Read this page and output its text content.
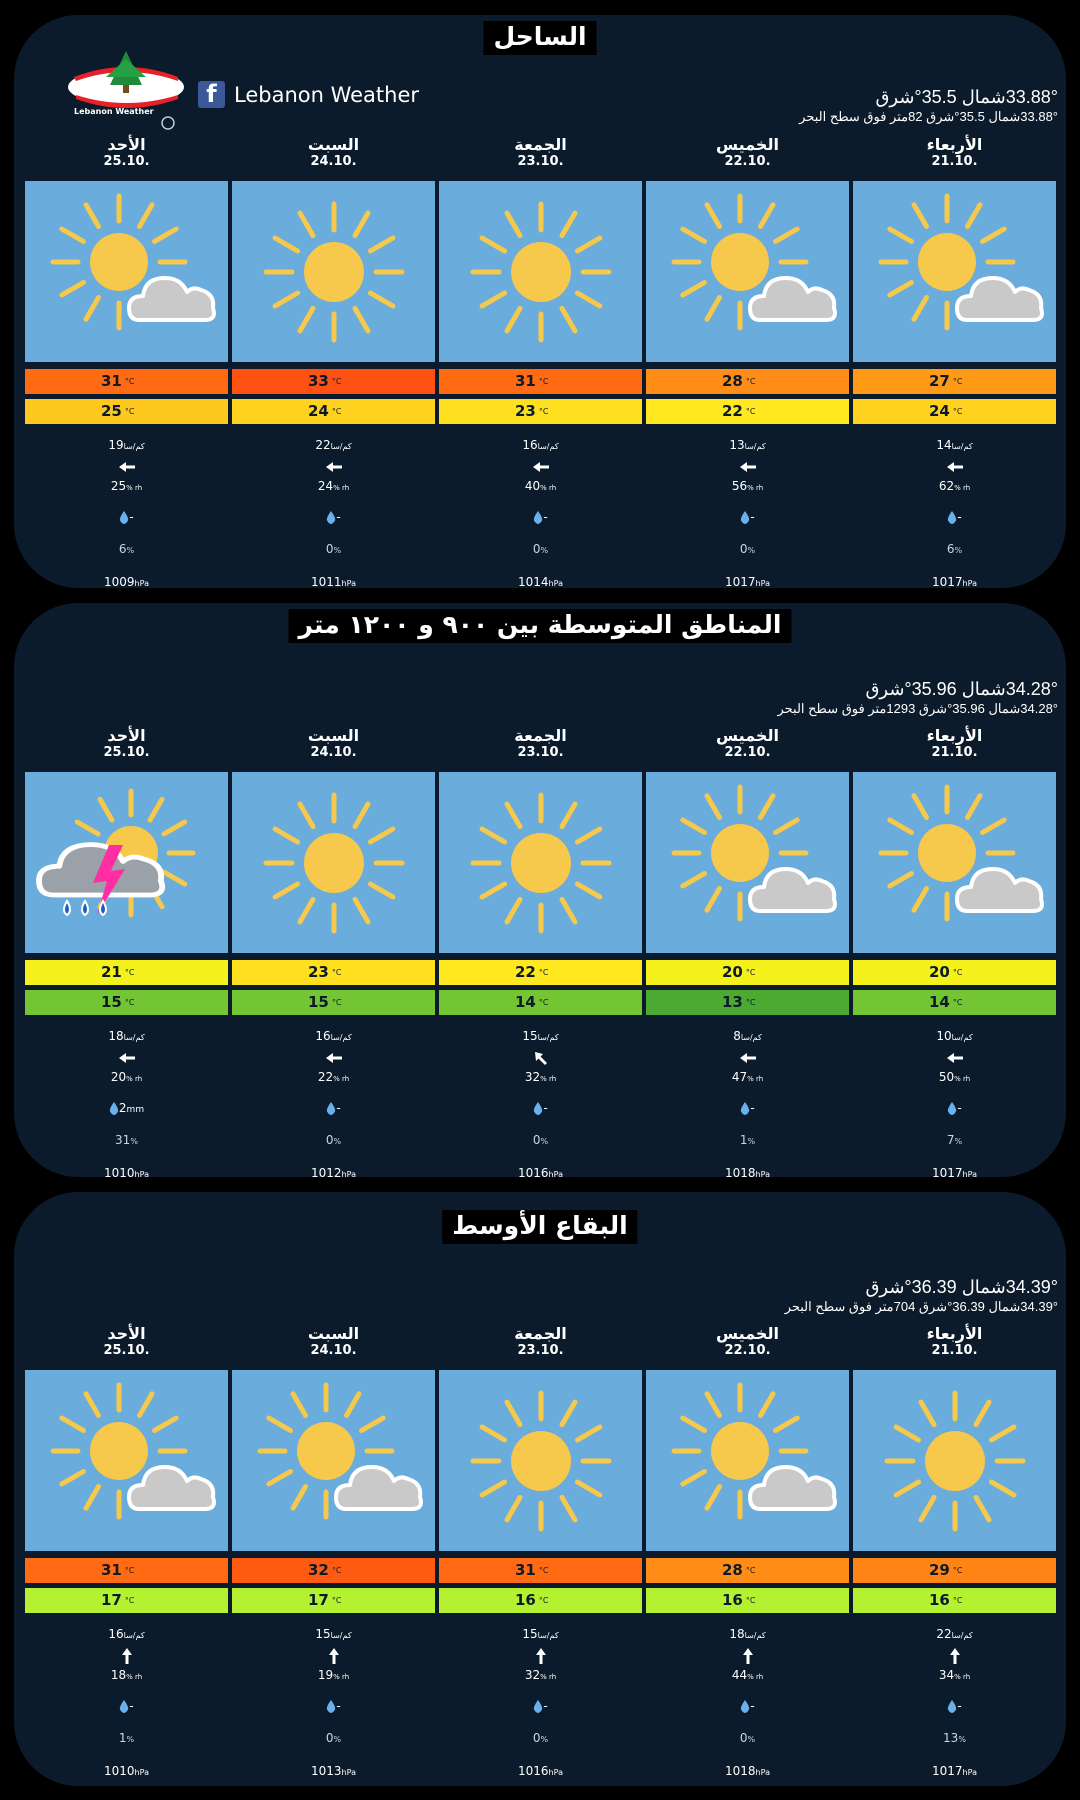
الساحل
Lebanon Weather
f Lebanon Weather	33.88°شمال 35.5°شرق
33.88°شمال 35.5°شرق 82متر فوق سطح البحر
الأحد
25.10.
31 °C
25 °C
كم/سا19
25% rh
-
6%
1009hPa
السبت
24.10.
33 °C
24 °C
كم/سا22
24% rh
-
0%
1011hPa
الجمعة
23.10.
31 °C
23 °C
كم/سا16
40% rh
-
0%
1014hPa
الخميس
22.10.
28 °C
22 °C
كم/سا13
56% rh
-
0%
1017hPa
الأربعاء
21.10.
27 °C
24 °C
كم/سا14
62% rh
-
6%
1017hPa
المناطق المتوسطة بين ٩٠٠ و ١٢٠٠ متر
34.28°شمال 35.96°شرق
34.28°شمال 35.96°شرق 1293متر فوق سطح البحر
الأحد
25.10.
21 °C
15 °C
كم/سا18
20% rh
2mm
31%
1010hPa
السبت
24.10.
23 °C
15 °C
كم/سا16
22% rh
-
0%
1012hPa
الجمعة
23.10.
22 °C
14 °C
كم/سا15
32% rh
-
0%
1016hPa
الخميس
22.10.
20 °C
13 °C
كم/سا8
47% rh
-
1%
1018hPa
الأربعاء
21.10.
20 °C
14 °C
كم/سا10
50% rh
-
7%
1017hPa
البقاع الأوسط
34.39°شمال 36.39°شرق
34.39°شمال 36.39°شرق 704متر فوق سطح البحر
الأحد
25.10.
31 °C
17 °C
كم/سا16
18% rh
-
1%
1010hPa
السبت
24.10.
32 °C
17 °C
كم/سا15
19% rh
-
0%
1013hPa
الجمعة
23.10.
31 °C
16 °C
كم/سا15
32% rh
-
0%
1016hPa
الخميس
22.10.
28 °C
16 °C
كم/سا18
44% rh
-
0%
1018hPa
الأربعاء
21.10.
29 °C
16 °C
كم/سا22
34% rh
-
13%
1017hPa
